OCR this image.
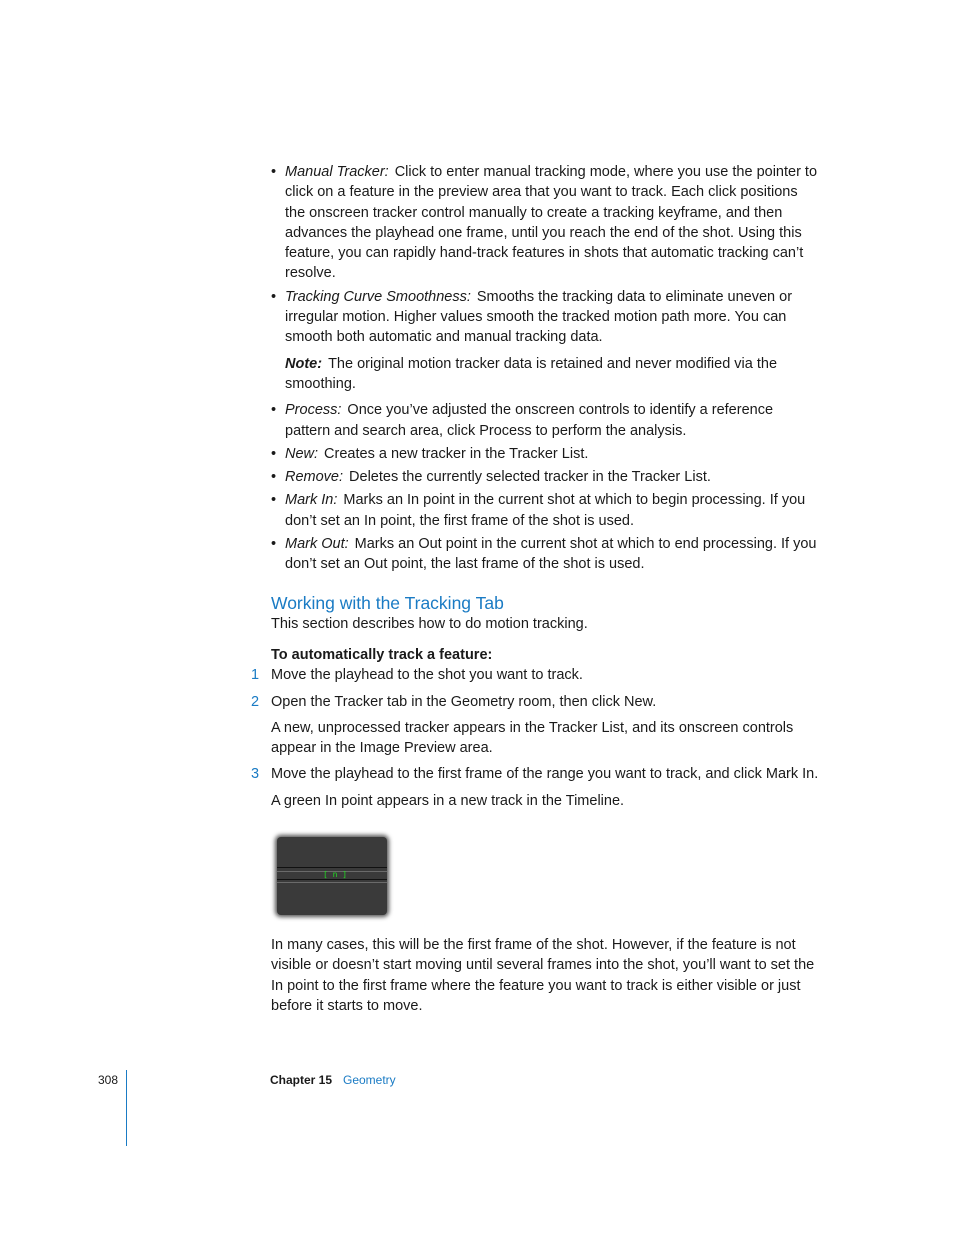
• Manual Tracker: Click to enter manual tracking mode, where you use the pointer to click on a feature in the preview area that you want to track. Each click positions the onscreen tracker control manually to create a tracking keyframe, and then advances the playhead one frame, until you reach the end of the shot. Using this feature, you can rapidly hand-track features in shots that automatic tracking can’t resolve.
• Tracking Curve Smoothness: Smooths the tracking data to eliminate uneven or irregular motion. Higher values smooth the tracked motion path more. You can smooth both automatic and manual tracking data.
Note: The original motion tracker data is retained and never modified via the smoothing.
• Process: Once you’ve adjusted the onscreen controls to identify a reference pattern and search area, click Process to perform the analysis.
• New: Creates a new tracker in the Tracker List.
• Remove: Deletes the currently selected tracker in the Tracker List.
• Mark In: Marks an In point in the current shot at which to begin processing. If you don’t set an In point, the first frame of the shot is used.
• Mark Out: Marks an Out point in the current shot at which to end processing. If you don’t set an Out point, the last frame of the shot is used.
Working with the Tracking Tab

This section describes how to do motion tracking.

To automatically track a feature:
1 Move the playhead to the shot you want to track.
2 Open the Tracker tab in the Geometry room, then click New.

A new, unprocessed tracker appears in the Tracker List, and its onscreen controls appear in the Image Preview area.

3 Move the playhead to the first frame of the range you want to track, and click Mark In.

A green In point appears in a new track in the Timeline.

[ n ]

In many cases, this will be the first frame of the shot. However, if the feature is not visible or doesn’t start moving until several frames into the shot, you’ll want to set the In point to the first frame where the feature you want to track is either visible or just before it starts to move.

308	Chapter 15 Geometry
